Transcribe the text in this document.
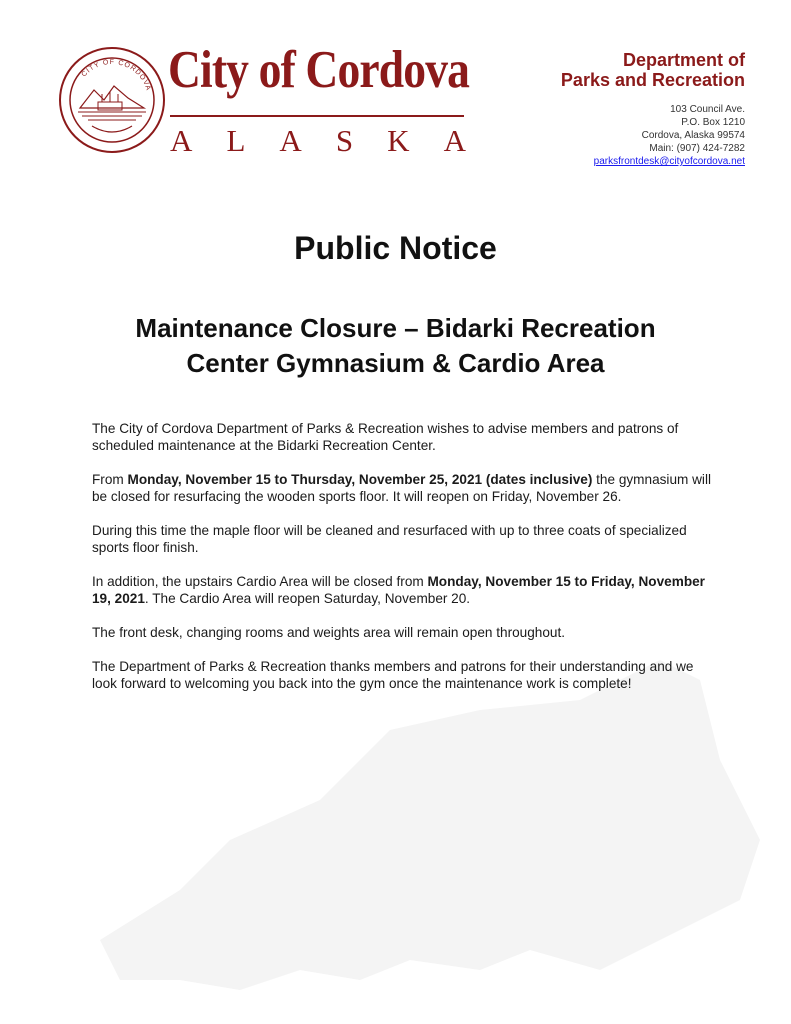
CITY OF CORDOVA City of Cordova
A L A S K A
Department of
Parks and Recreation
103 Council Ave.
P.O. Box 1210
Cordova, Alaska 99574
Main: (907) 424-7282
parksfrontdesk@cityofcordova.net
Public Notice
Maintenance Closure – Bidarki Recreation
Center Gymnasium & Cardio Area

The City of Cordova Department of Parks & Recreation wishes to advise members and patrons of scheduled maintenance at the Bidarki Recreation Center.

From Monday, November 15 to Thursday, November 25, 2021 (dates inclusive) the gymnasium will be closed for resurfacing the wooden sports floor. It will reopen on Friday, November 26.

During this time the maple floor will be cleaned and resurfaced with up to three coats of specialized sports floor finish.

In addition, the upstairs Cardio Area will be closed from Monday, November 15 to Friday, November 19, 2021. The Cardio Area will reopen Saturday, November 20.

The front desk, changing rooms and weights area will remain open throughout.

The Department of Parks & Recreation thanks members and patrons for their understanding and we look forward to welcoming you back into the gym once the maintenance work is complete!
